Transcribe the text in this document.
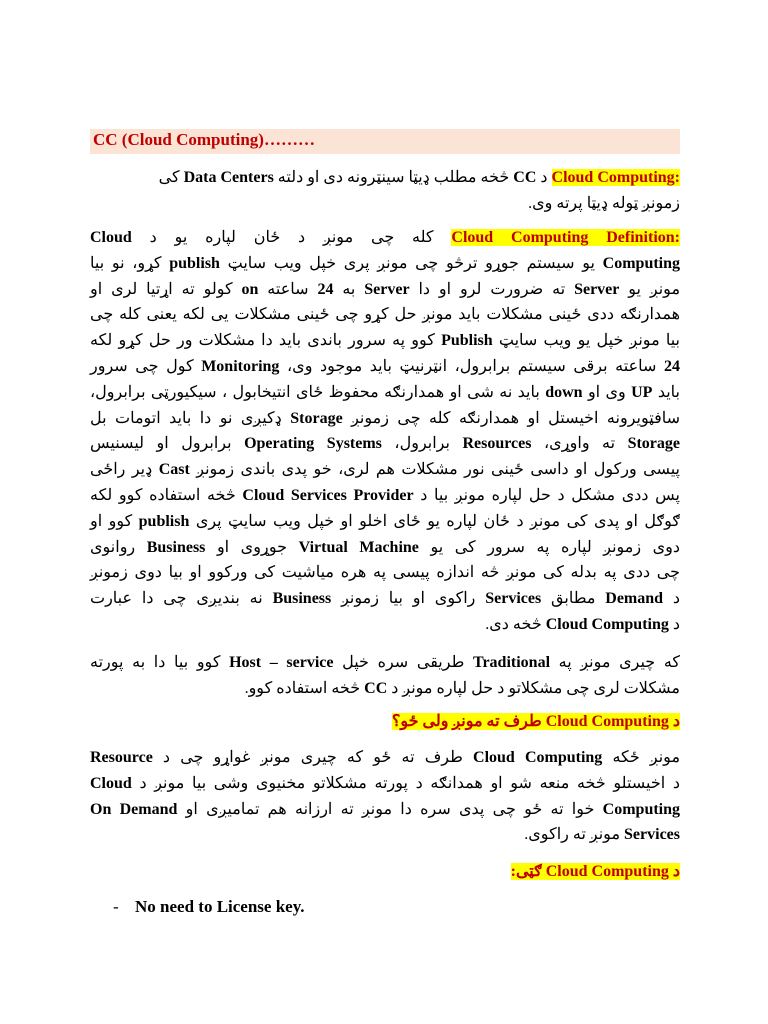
CC (Cloud Computing)………
:Cloud Computing د CC څخه مطلب ډیټا سینټرونه دی او دلته Data Centers کی
زمونږ ټوله ډیټا پرته وی.
:Cloud Computing Definition کله چی مونږ د ځان لپاره یو د Cloud
Computing یو سیستم جوړو ترڅو چی مونږ پری خپل ویب سایټ publish کړو، نو بیا
مونږ یو Server ته ضرورت لرو او دا Server به 24 ساعته on کولو ته اړتیا لری او
همدارنګه ددی ځینی مشکلات باید مونږ حل کړو چی ځینی مشکلات یی لکه یعنی کله چی
بیا مونږ خپل یو ویب سایټ Publish کوو په سرور باندی باید دا مشکلات ور حل کړو لکه
24 ساعته برقی سیستم برابرول، انټرنیټ باید موجود وی، Monitoring کول چی سرور
باید UP وی او down باید نه شی او همدارنګه محفوظ ځای انتیخابول ، سیکیورټی برابرول،
سافټویرونه اخیستل او همدارنګه کله چی زمونږ Storage ډکیږی نو دا باید اتومات بل
Storage ته واوړی، Resources برابرول، Operating Systems برابرول او لیسنیس
پیسی ورکول او داسی ځینی نور مشکلات هم لری، خو پدی باندی زمونږ Cast ډیر راځی
پس ددی مشکل د حل لپاره مونږ بیا د Cloud Services Provider څخه استفاده کوو لکه
ګوګل او پدی کی مونږ د ځان لپاره یو ځای اخلو او خپل ویب سایټ پری publish کوو او
دوی زمونږ لپاره په سرور کی یو Virtual Machine جوړوی او Business روانوی
چی ددی په بدله کی مونږ څه اندازه پیسی په هره میاشیت کی ورکوو او بیا دوی زمونږ
د Demand مطابق Services راکوی او بیا زمونږ Business نه بندیږی چی دا عبارت
د Cloud Computing څخه دی.
که چیری مونږ په Traditional طریقی سره خپل Host – service کوو بیا دا به پورته
مشکلات لری چی مشکلاتو د حل لپاره مونږ د CC څخه استفاده کوو.
د Cloud Computing طرف ته مونږ ولی ځو؟
مونږ ځکه Cloud Computing طرف ته ځو که چیری مونږ غواړو چی د Resource
د اخیستلو څخه منعه شو او همدانګه د پورته مشکلاتو مخنیوی وشی بیا مونږ د Cloud
Computing خوا ته ځو چی پدی سره دا مونږ ته ارزانه هم تماميږی او On Demand
Services مونږ ته راکوی.
د Cloud Computing ګټی:
- No need to License key.
